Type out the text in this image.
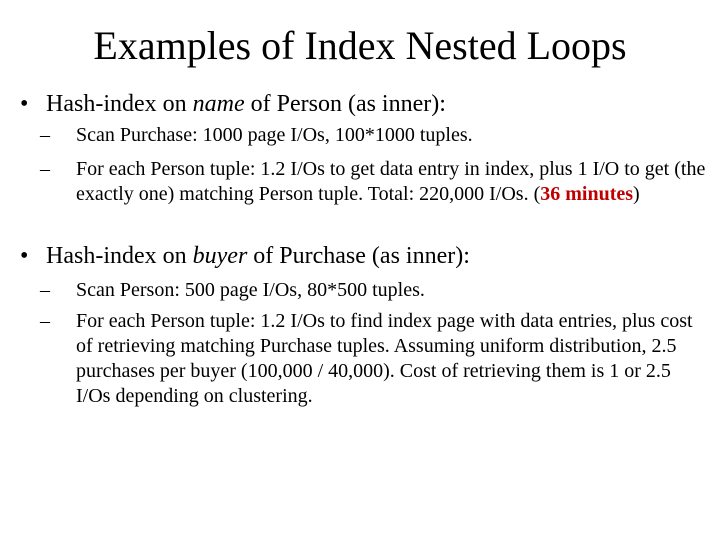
Examples of Index Nested Loops
• Hash-index on name of Person (as inner):
–	Scan Purchase: 1000 page I/Os, 100*1000 tuples.
–	For each Person tuple: 1.2 I/Os to get data entry in index, plus 1 I/O to get (the exactly one) matching Person tuple. Total: 220,000 I/Os. (36 minutes)
• Hash-index on buyer of Purchase (as inner):
–	Scan Person: 500 page I/Os, 80*500 tuples.
–	For each Person tuple: 1.2 I/Os to find index page with data entries, plus cost of retrieving matching Purchase tuples. Assuming uniform distribution, 2.5 purchases per buyer (100,000 / 40,000). Cost of retrieving them is 1 or 2.5 I/Os depending on clustering.
